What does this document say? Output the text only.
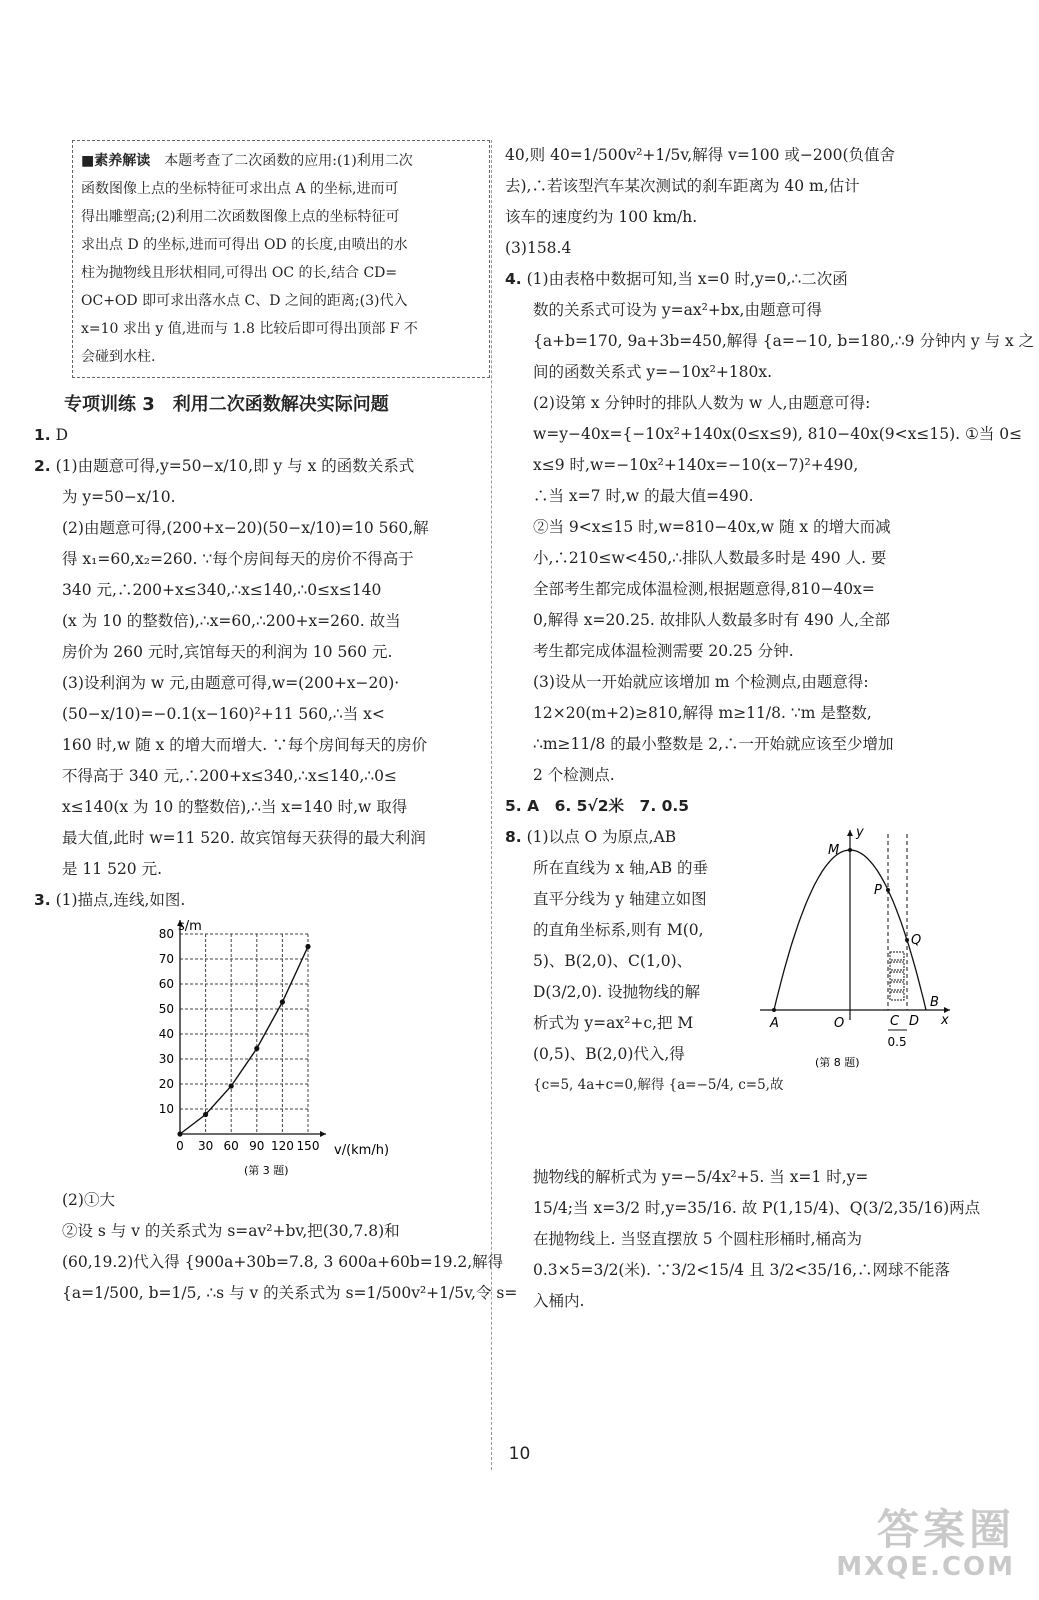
■素养解读　 本题考查了二次函数的应用:(1)利用二次
函数图像上点的坐标特征可求出点 A 的坐标,进而可
得出雕塑高;(2)利用二次函数图像上点的坐标特征可
求出点 D 的坐标,进而可得出 OD 的长度,由喷出的水
柱为抛物线且形状相同,可得出 OC 的长,结合 CD=
OC+OD 即可求出落水点 C、D 之间的距离;(3)代入
x=10 求出 y 值,进而与 1.8 比较后即可得出顶部 F 不
会碰到水柱.
专项训练 3　利用二次函数解决实际问题
1. D
2. (1)由题意可得,y=50−x/10,即 y 与 x 的函数关系式
为 y=50−x/10.
(2)由题意可得,(200+x−20)(50−x/10)=10 560,解
得 x₁=60,x₂=260. ∵每个房间每天的房价不得高于
340 元,∴200+x≤340,∴x≤140,∴0≤x≤140
(x 为 10 的整数倍),∴x=60,∴200+x=260. 故当
房价为 260 元时,宾馆每天的利润为 10 560 元.
(3)设利润为 w 元,由题意可得,w=(200+x−20)·
(50−x/10)=−0.1(x−160)²+11 560,∴当 x<
160 时,w 随 x 的增大而增大. ∵每个房间每天的房价
不得高于 340 元,∴200+x≤340,∴x≤140,∴0≤
x≤140(x 为 10 的整数倍),∴当 x=140 时,w 取得
最大值,此时 w=11 520. 故宾馆每天获得的最大利润
是 11 520 元.
3. (1)描点,连线,如图.
0 30 60 90 120 150
10
20
30
40
50
60
70
80 s/m
v/(km/h)
(第 3 题)
(2)①大
②设 s 与 v 的关系式为 s=av²+bv,把(30,7.8)和
(60,19.2)代入得 {900a+30b=7.8, 3 600a+60b=19.2,解得
{a=1/500, b=1/5, ∴s 与 v 的关系式为 s=1/500v²+1/5v,令 s=
40,则 40=1/500v²+1/5v,解得 v=100 或−200(负值舍
去),∴若该型汽车某次测试的刹车距离为 40 m,估计
该车的速度约为 100 km/h.
(3)158.4
4. (1)由表格中数据可知,当 x=0 时,y=0,∴二次函
数的关系式可设为 y=ax²+bx,由题意可得
{a+b=170, 9a+3b=450,解得 {a=−10, b=180,∴9 分钟内 y 与 x 之
间的函数关系式 y=−10x²+180x.
(2)设第 x 分钟时的排队人数为 w 人,由题意可得:
w=y−40x={−10x²+140x(0≤x≤9), 810−40x(9<x≤15). ①当 0≤
x≤9 时,w=−10x²+140x=−10(x−7)²+490,
∴当 x=7 时,w 的最大值=490.
②当 9<x≤15 时,w=810−40x,w 随 x 的增大而减
小,∴210≤w<450,∴排队人数最多时是 490 人. 要
全部考生都完成体温检测,根据题意得,810−40x=
0,解得 x=20.25. 故排队人数最多时有 490 人,全部
考生都完成体温检测需要 20.25 分钟.
(3)设从一开始就应该增加 m 个检测点,由题意得:
12×20(m+2)≥810,解得 m≥11/8. ∵m 是整数,
∴m≥11/8 的最小整数是 2,∴一开始就应该至少增加
2 个检测点.
5. A　6. 5√2米　7. 0.5
8. (1)以点 O 为原点,AB
所在直线为 x 轴,AB 的垂
直平分线为 y 轴建立如图
的直角坐标系,则有 M(0,
5)、B(2,0)、C(1,0)、
D(3/2,0). 设抛物线的解
析式为 y=ax²+c,把 M
(0,5)、B(2,0)代入,得
{c=5, 4a+c=0,解得 {a=−5/4, c=5,故
y
x
M
P
Q
A	O	C D
B
0.5
(第 8 题)
抛物线的解析式为 y=−5/4x²+5. 当 x=1 时,y=
15/4;当 x=3/2 时,y=35/16. 故 P(1,15/4)、Q(3/2,35/16)两点
在抛物线上. 当竖直摆放 5 个圆柱形桶时,桶高为
0.3×5=3/2(米). ∵3/2<15/4 且 3/2<35/16,∴网球不能落
入桶内.
10
答案圈
MXQE.COM
